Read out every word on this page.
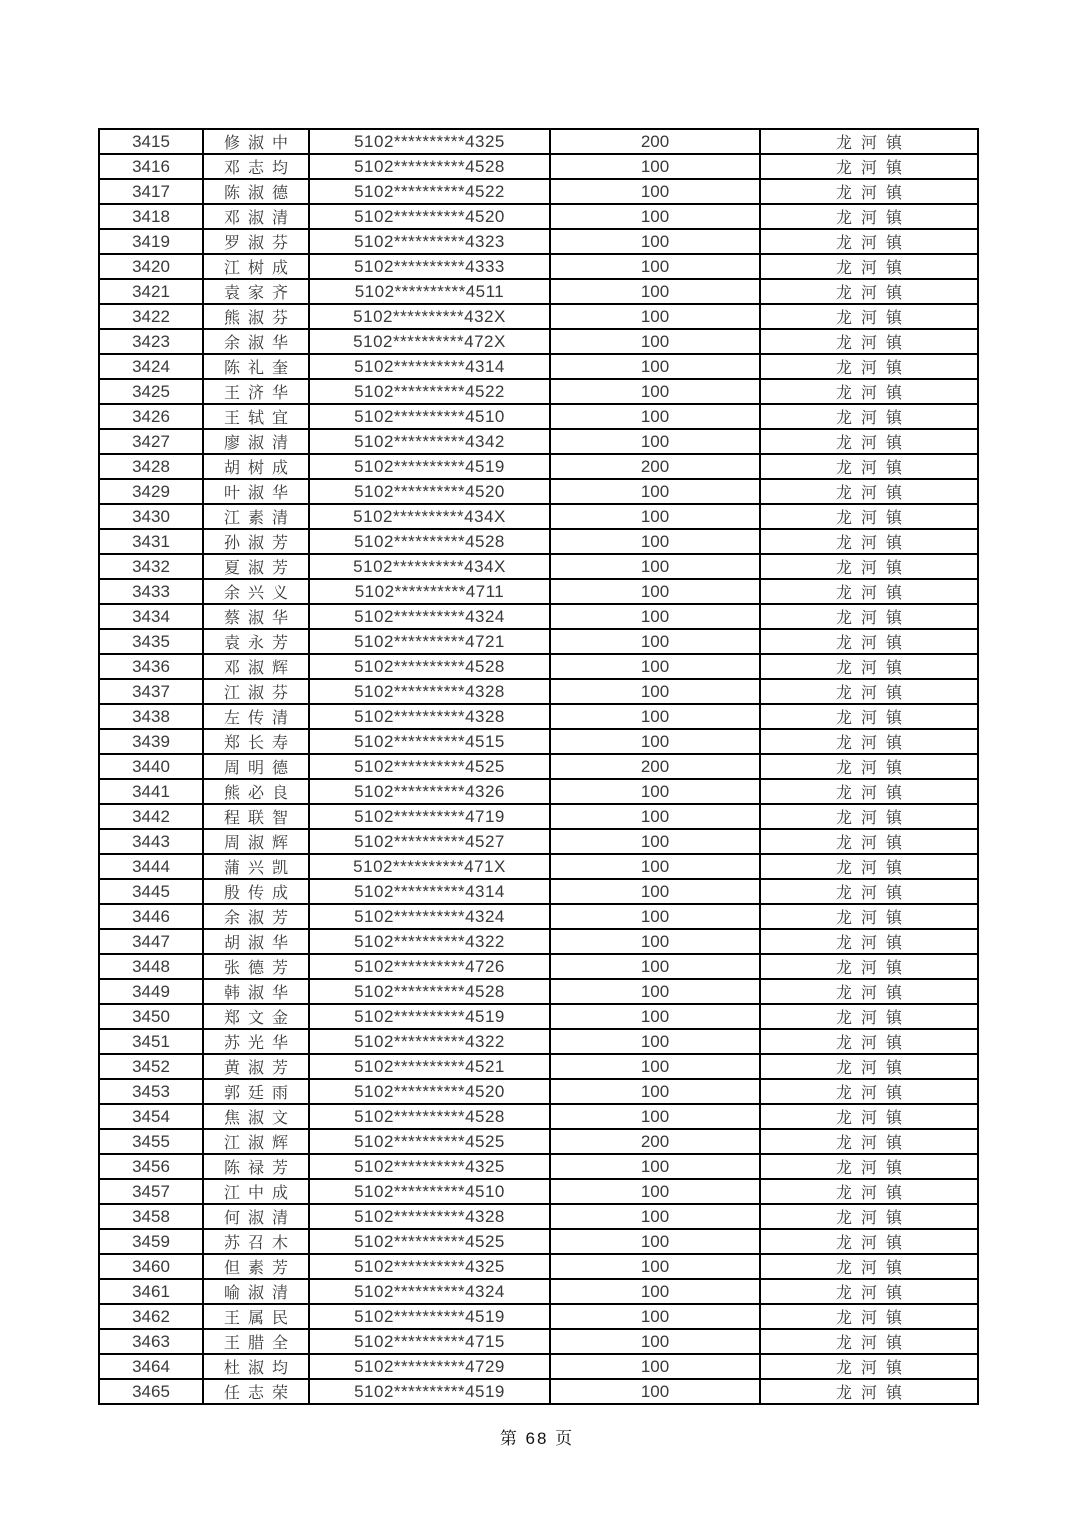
3415	修淑中	5102**********4325	200	龙河镇
3416	邓志均	5102**********4528	100	龙河镇
3417	陈淑德	5102**********4522	100	龙河镇
3418	邓淑清	5102**********4520	100	龙河镇
3419	罗淑芬	5102**********4323	100	龙河镇
3420	江树成	5102**********4333	100	龙河镇
3421	袁家齐	5102**********4511	100	龙河镇
3422	熊淑芬	5102**********432X	100	龙河镇
3423	余淑华	5102**********472X	100	龙河镇
3424	陈礼奎	5102**********4314	100	龙河镇
3425	王济华	5102**********4522	100	龙河镇
3426	王轼宜	5102**********4510	100	龙河镇
3427	廖淑清	5102**********4342	100	龙河镇
3428	胡树成	5102**********4519	200	龙河镇
3429	叶淑华	5102**********4520	100	龙河镇
3430	江素清	5102**********434X	100	龙河镇
3431	孙淑芳	5102**********4528	100	龙河镇
3432	夏淑芳	5102**********434X	100	龙河镇
3433	余兴义	5102**********4711	100	龙河镇
3434	蔡淑华	5102**********4324	100	龙河镇
3435	袁永芳	5102**********4721	100	龙河镇
3436	邓淑辉	5102**********4528	100	龙河镇
3437	江淑芬	5102**********4328	100	龙河镇
3438	左传清	5102**********4328	100	龙河镇
3439	郑长寿	5102**********4515	100	龙河镇
3440	周明德	5102**********4525	200	龙河镇
3441	熊必良	5102**********4326	100	龙河镇
3442	程联智	5102**********4719	100	龙河镇
3443	周淑辉	5102**********4527	100	龙河镇
3444	蒲兴凯	5102**********471X	100	龙河镇
3445	殷传成	5102**********4314	100	龙河镇
3446	余淑芳	5102**********4324	100	龙河镇
3447	胡淑华	5102**********4322	100	龙河镇
3448	张德芳	5102**********4726	100	龙河镇
3449	韩淑华	5102**********4528	100	龙河镇
3450	郑文金	5102**********4519	100	龙河镇
3451	苏光华	5102**********4322	100	龙河镇
3452	黄淑芳	5102**********4521	100	龙河镇
3453	郭廷雨	5102**********4520	100	龙河镇
3454	焦淑文	5102**********4528	100	龙河镇
3455	江淑辉	5102**********4525	200	龙河镇
3456	陈禄芳	5102**********4325	100	龙河镇
3457	江中成	5102**********4510	100	龙河镇
3458	何淑清	5102**********4328	100	龙河镇
3459	苏召木	5102**********4525	100	龙河镇
3460	但素芳	5102**********4325	100	龙河镇
3461	喻淑清	5102**********4324	100	龙河镇
3462	王属民	5102**********4519	100	龙河镇
3463	王腊全	5102**********4715	100	龙河镇
3464	杜淑均	5102**********4729	100	龙河镇
3465	任志荣	5102**********4519	100	龙河镇
第 68 页
